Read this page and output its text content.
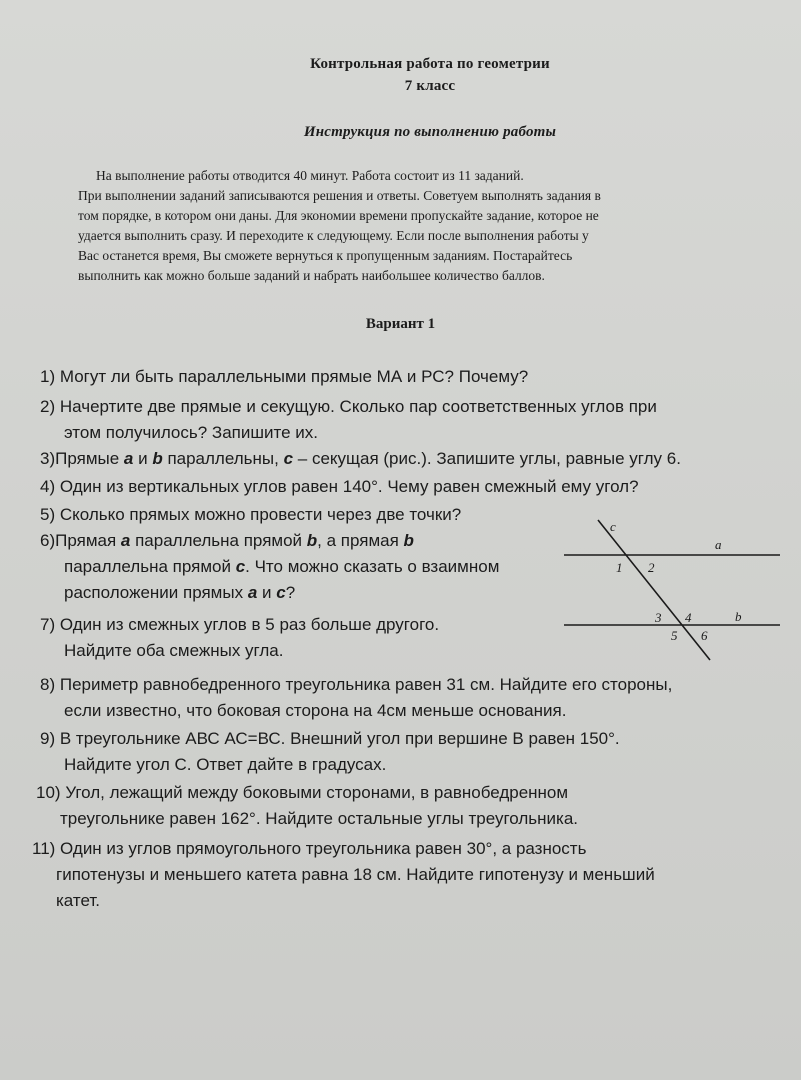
Контрольная работа по геометрии
7 класс
Инструкция по выполнению работы

На выполнение работы отводится 40 минут. Работа состоит из 11 заданий.

При выполнении заданий записываются решения и ответы. Советуем выполнять задания в

том порядке, в котором они даны. Для экономии времени пропускайте задание, которое не

удается выполнить сразу. И переходите к следующему. Если после выполнения работы у

Вас останется время, Вы сможете вернуться к пропущенным заданиям. Постарайтесь

выполнить как можно больше заданий и набрать наибольшее количество баллов.

Вариант 1
1) Могут ли быть параллельными прямые МА и РС? Почему?
2) Начертите две прямые и секущую. Сколько пар соответственных углов при
этом получилось? Запишите их.
3)Прямые a и b параллельны, c – секущая (рис.). Запишите углы, равные углу 6.
4) Один из вертикальных углов равен 140°. Чему равен смежный ему угол?
5) Сколько прямых можно провести через две точки?
6)Прямая a параллельна прямой b, а прямая b
параллельна прямой c. Что можно сказать о взаимном
расположении прямых a и c?
7) Один из смежных углов в 5 раз больше другого.
Найдите оба смежных угла.
8) Периметр равнобедренного треугольника равен 31 см. Найдите его стороны,
если известно, что боковая сторона на 4см меньше основания.
9) В треугольнике АВС АС=ВС. Внешний угол при вершине В равен 150°.
Найдите угол С. Ответ дайте в градусах.
10) Угол, лежащий между боковыми сторонами, в равнобедренном
треугольнике равен 162°. Найдите остальные углы треугольника.
11) Один из углов прямоугольного треугольника равен 30°, а разность
гипотенузы и меньшего катета равна 18 см. Найдите гипотенузу и меньший
катет.
c
a
b
1 2
3 4
5 6
